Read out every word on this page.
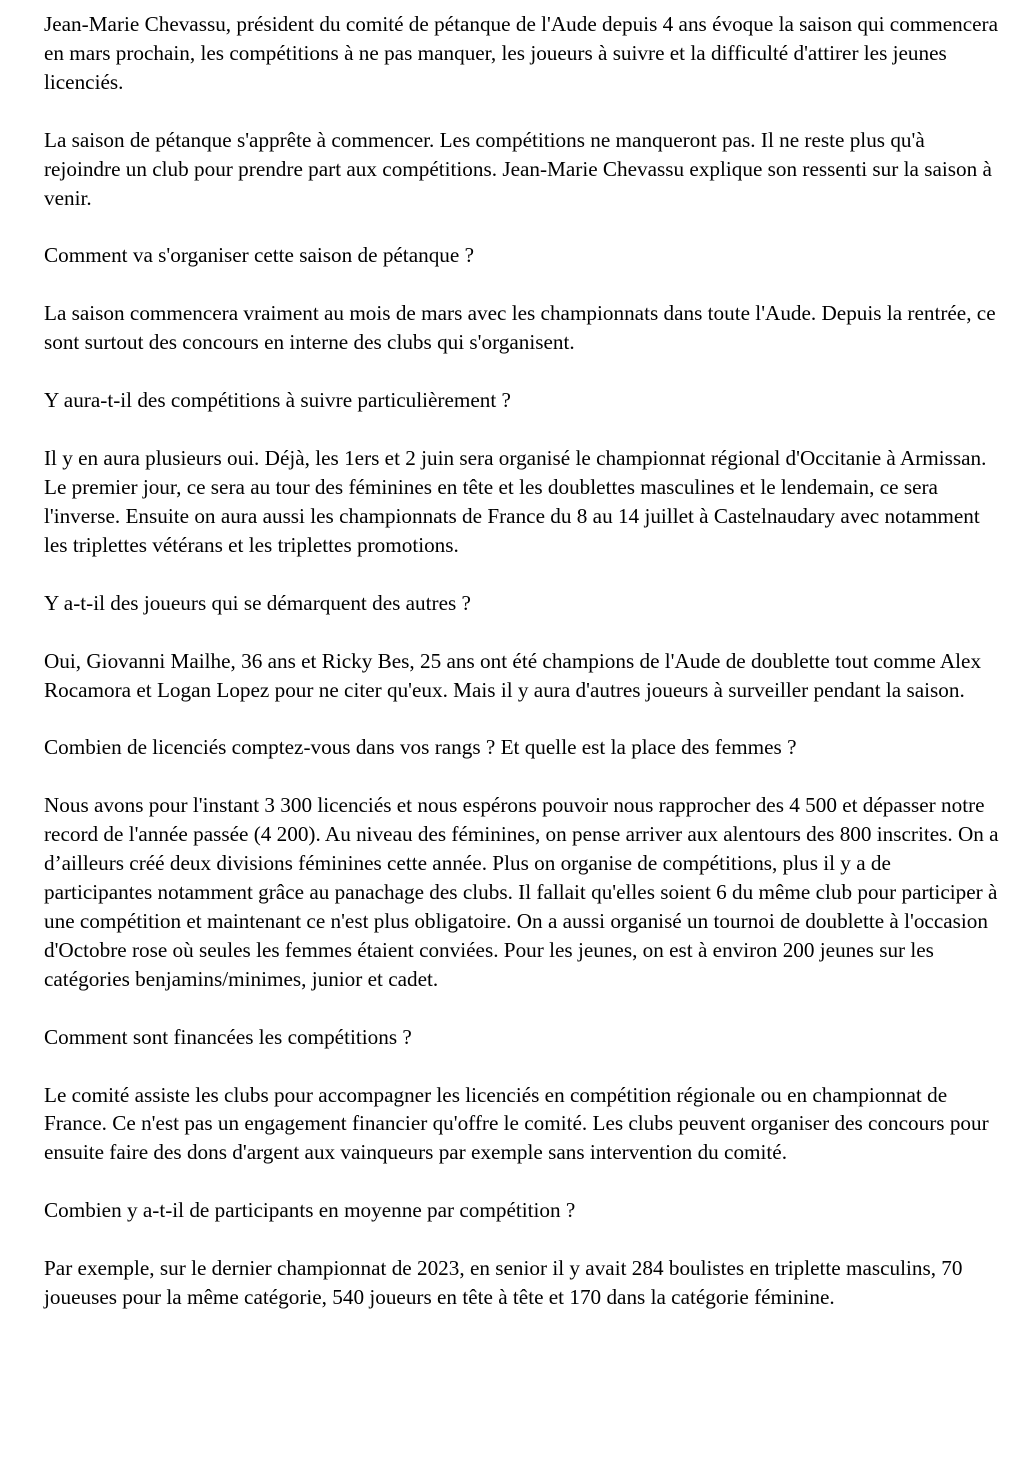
Jean-Marie Chevassu, président du comité de pétanque de l'Aude depuis 4 ans évoque la saison qui commencera en mars prochain, les compétitions à ne pas manquer, les joueurs à suivre et la difficulté d'attirer les jeunes licenciés.

La saison de pétanque s'apprête à commencer. Les compétitions ne manqueront pas. Il ne reste plus qu'à rejoindre un club pour prendre part aux compétitions. Jean-Marie Chevassu explique son ressenti sur la saison à venir.

Comment va s'organiser cette saison de pétanque ?

La saison commencera vraiment au mois de mars avec les championnats dans toute l'Aude. Depuis la rentrée, ce sont surtout des concours en interne des clubs qui s'organisent.

Y aura-t-il des compétitions à suivre particulièrement ?

Il y en aura plusieurs oui. Déjà, les 1ers et 2 juin sera organisé le championnat régional d'Occitanie à Armissan. Le premier jour, ce sera au tour des féminines en tête et les doublettes masculines et le lendemain, ce sera l'inverse. Ensuite on aura aussi les championnats de France du 8 au 14 juillet à Castelnaudary avec notamment les triplettes vétérans et les triplettes promotions.

Y a-t-il des joueurs qui se démarquent des autres ?

Oui, Giovanni Mailhe, 36 ans et Ricky Bes, 25 ans ont été champions de l'Aude de doublette tout comme Alex Rocamora et Logan Lopez pour ne citer qu'eux. Mais il y aura d'autres joueurs à surveiller pendant la saison.

Combien de licenciés comptez-vous dans vos rangs ? Et quelle est la place des femmes ?

Nous avons pour l'instant 3 300 licenciés et nous espérons pouvoir nous rapprocher des 4 500 et dépasser notre record de l'année passée (4 200). Au niveau des féminines, on pense arriver aux alentours des 800 inscrites. On a d’ailleurs créé deux divisions féminines cette année. Plus on organise de compétitions, plus il y a de participantes notamment grâce au panachage des clubs. Il fallait qu'elles soient 6 du même club pour participer à une compétition et maintenant ce n'est plus obligatoire. On a aussi organisé un tournoi de doublette à l'occasion d'Octobre rose où seules les femmes étaient conviées. Pour les jeunes, on est à environ 200 jeunes sur les catégories benjamins/minimes, junior et cadet.

Comment sont financées les compétitions ?

Le comité assiste les clubs pour accompagner les licenciés en compétition régionale ou en championnat de France. Ce n'est pas un engagement financier qu'offre le comité. Les clubs peuvent organiser des concours pour ensuite faire des dons d'argent aux vainqueurs par exemple sans intervention du comité.

Combien y a-t-il de participants en moyenne par compétition ?

Par exemple, sur le dernier championnat de 2023, en senior il y avait 284 boulistes en triplette masculins, 70 joueuses pour la même catégorie, 540 joueurs en tête à tête et 170 dans la catégorie féminine.
